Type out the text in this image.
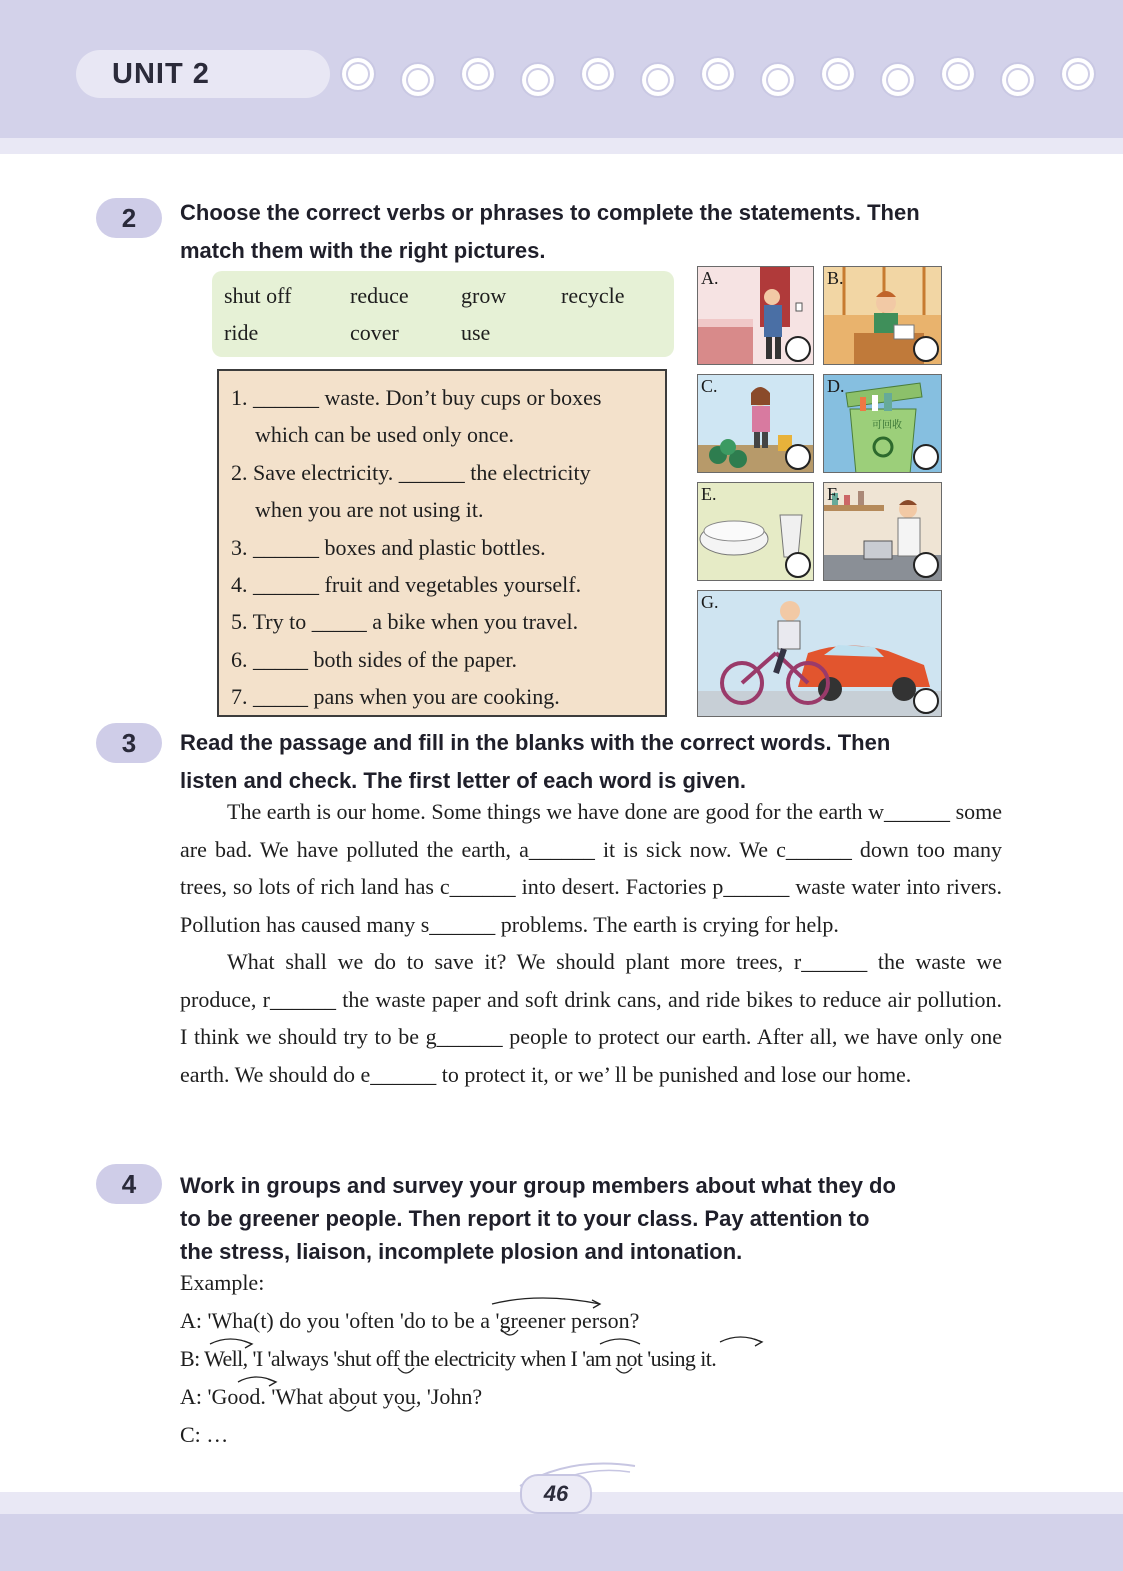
UNIT 2
2	Choose the correct verbs or phrases to complete the statements. Then
match them with the right pictures.
shut off	reduce grow recycle
ride	cover	use
1. ______ waste. Don’t buy cups or boxes
which can be used only once.
2. Save electricity. ______ the electricity
when you are not using it.
3. ______ boxes and plastic bottles.
4. ______ fruit and vegetables yourself.
5. Try to _____ a bike when you travel.
6. _____ both sides of the paper.
7. _____ pans when you are cooking.
A.	B.
C.	D.
可回收
E.	F.
G.
3	Read the passage and fill in the blanks with the correct words. Then
listen and check. The first letter of each word is given.
The earth is our home. Some things we have done are good for the earth w______ some are bad. We have polluted the earth, a______ it is sick now. We c______ down too many trees, so lots of rich land has c______ into desert. Factories p______ waste water into rivers. Pollution has caused many s______ problems. The earth is crying for help.
What shall we do to save it? We should plant more trees, r______ the waste we produce, r______ the waste paper and soft drink cans, and ride bikes to reduce air pollution. I think we should try to be g______ people to protect our earth. After all, we have only one earth. We should do e______ to protect it, or we’ ll be punished and lose our home.
4	Work in groups and survey your group members about what they do
to be greener people. Then report it to your class. Pay attention to
the stress, liaison, incomplete plosion and intonation.
Example:
A: 'Wha(t) do you 'often 'do to be a 'greener person?
B: Well, 'I 'always 'shut off the electricity when I 'am not 'using it.
A: 'Good. 'What about you, 'John?
C: …
46
